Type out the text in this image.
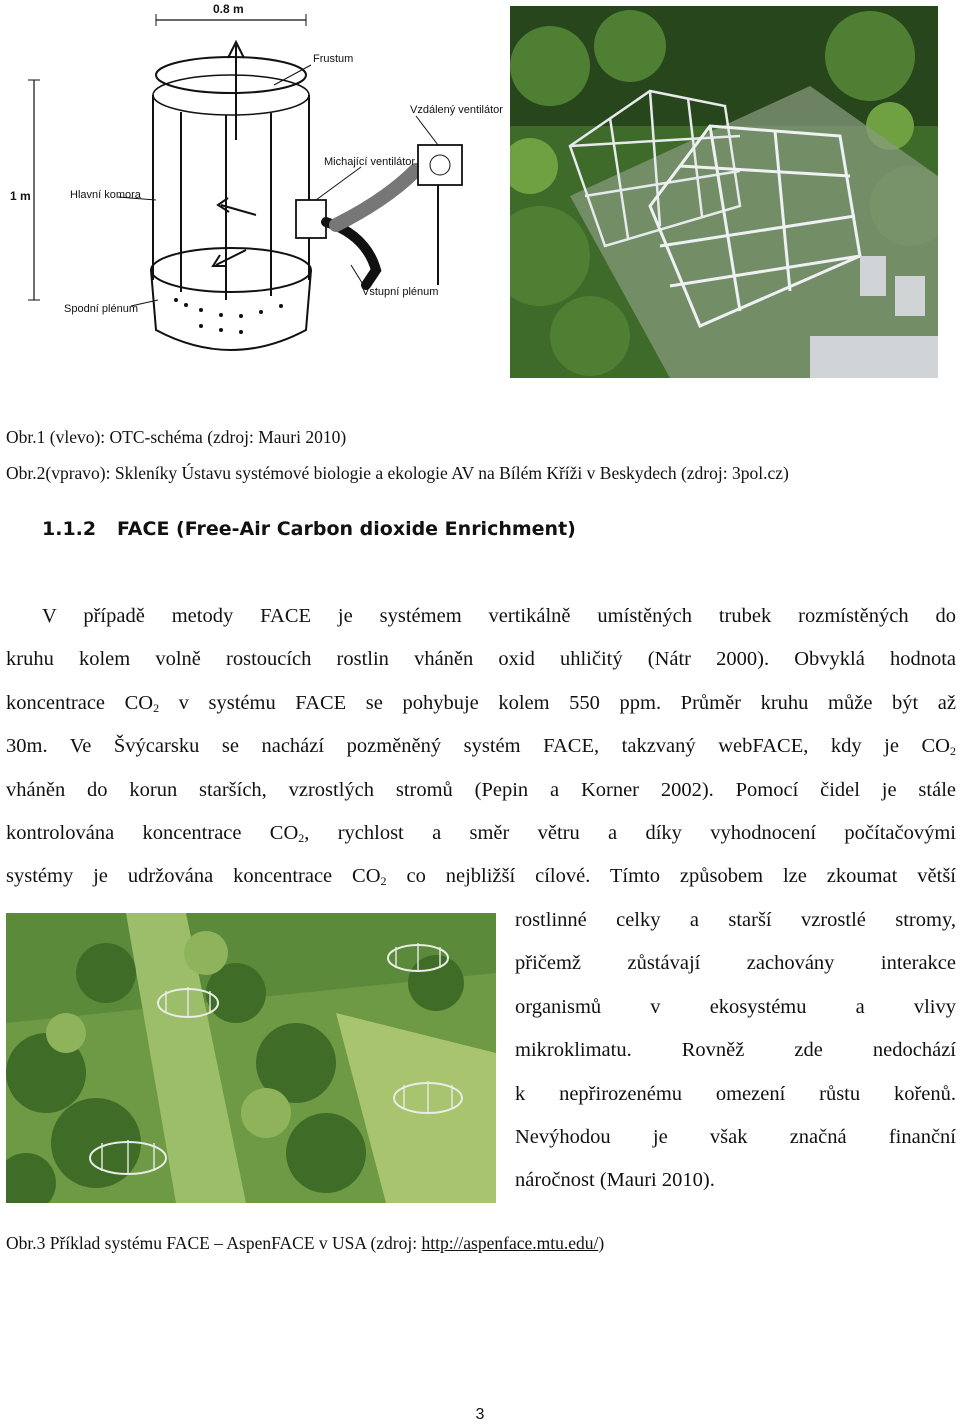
0.8 m
1 m
Frustum
Vzdálený ventilátor
Michající ventilátor
Hlavní komora
Vstupní plénum
Spodní plénum
Obr.1 (vlevo): OTC-schéma (zdroj: Mauri 2010)
Obr.2(vpravo): Skleníky Ústavu systémové biologie a ekologie AV na Bílém Kříži v Beskydech (zdroj: 3pol.cz)
1.1.2 FACE (Free-Air Carbon dioxide Enrichment)
V případě metody FACE je systémem vertikálně umístěných trubek rozmístěných do
kruhu kolem volně rostoucích rostlin vháněn oxid uhličitý (Nátr 2000). Obvyklá hodnota
koncentrace $CO_2$ v systému FACE se pohybuje kolem 550 ppm. Průměr kruhu může být až
30m. Ve Švýcarsku se nachází pozměněný systém FACE, takzvaný webFACE, kdy je $CO_2$
vháněn do korun starších, vzrostlých stromů (Pepin a Korner 2002). Pomocí čidel je stále
kontrolována koncentrace $CO_2$, rychlost a směr větru a díky vyhodnocení počítačovými
systémy je udržována koncentrace $CO_2$ co nejbližší cílové. Tímto způsobem lze zkoumat větší
rostlinné celky a starší vzrostlé stromy,
přičemž zůstávají zachovány interakce
organismů v ekosystému a vlivy
mikroklimatu. Rovněž zde nedochází
k nepřirozenému omezení růstu kořenů.
Nevýhodou je však značná finanční
náročnost (Mauri 2010).
Obr.3 Příklad systému FACE – AspenFACE v USA (zdroj: http://aspenface.mtu.edu/)
3
